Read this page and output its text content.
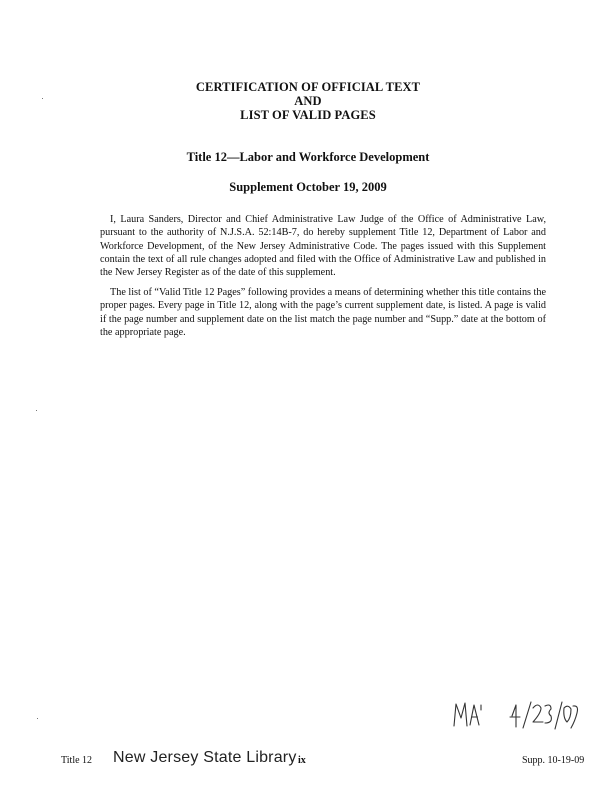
CERTIFICATION OF OFFICIAL TEXT
AND
LIST OF VALID PAGES
Title 12—Labor and Workforce Development
Supplement October 19, 2009
I, Laura Sanders, Director and Chief Administrative Law Judge of the Office of Administrative Law, pursuant to the authority of N.J.S.A. 52:14B-7, do hereby supplement Title 12, Department of Labor and Workforce Development, of the New Jersey Administrative Code. The pages issued with this Supplement contain the text of all rule changes adopted and filed with the Office of Administrative Law and published in the New Jersey Register as of the date of this supplement.
The list of “Valid Title 12 Pages” following provides a means of determining whether this title contains the proper pages. Every page in Title 12, along with the page’s current supplement date, is listed. A page is valid if the page number and supplement date on the list match the page number and “Supp.” date at the bottom of the appropriate page.
Title 12 New Jersey State Library ix	Supp. 10-19-09
